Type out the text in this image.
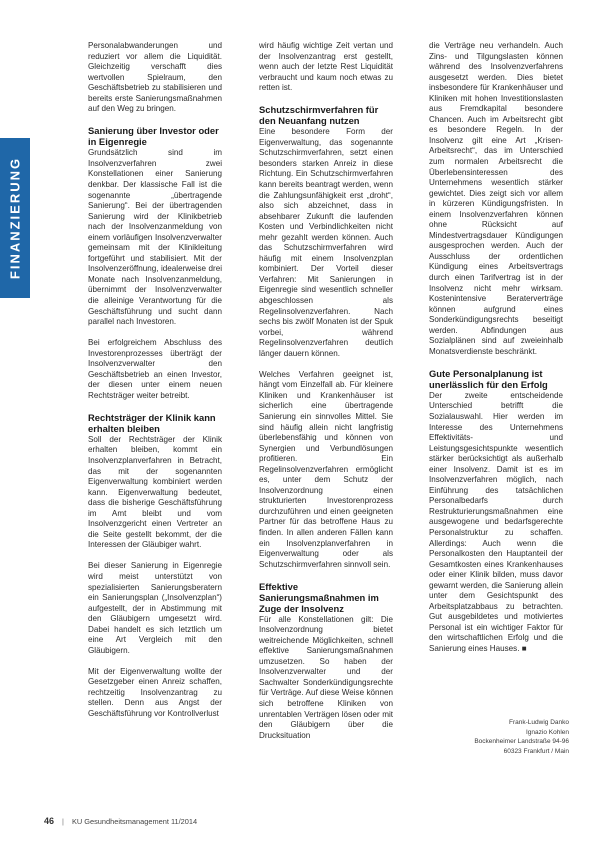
FINANZIERUNG

Personalabwanderungen und reduziert vor allem die Liquidität. Gleichzeitig verschafft dies wertvollen Spielraum, den Geschäftsbetrieb zu stabilisieren und bereits erste Sanierungsmaßnahmen auf den Weg zu bringen.

Sanierung über Investor oder in Eigenregie

Grundsätzlich sind im Insolvenzverfahren zwei Konstellationen einer Sanierung denkbar. Der klassische Fall ist die sogenannte „übertragende Sanierung“. Bei der übertragenden Sanierung wird der Klinikbetrieb nach der Insolvenzanmeldung von einem vorläufigen Insolvenzverwalter gemeinsam mit der Klinikleitung fortgeführt und stabilisiert. Mit der Insolvenzeröffnung, idealerweise drei Monate nach Insolvenzanmeldung, übernimmt der Insolvenzverwalter die alleinige Verantwortung für die Geschäftsführung und sucht dann parallel nach Investoren.

Bei erfolgreichem Abschluss des Investorenprozesses überträgt der Insolvenzverwalter den Geschäftsbetrieb an einen Investor, der diesen unter einem neuen Rechtsträger weiter betreibt.

Rechtsträger der Klinik kann erhalten bleiben

Soll der Rechtsträger der Klinik erhalten bleiben, kommt ein Insolvenzplanverfahren in Betracht, das mit der sogenannten Eigenverwaltung kombiniert werden kann. Eigenverwaltung bedeutet, dass die bisherige Geschäftsführung im Amt bleibt und vom Insolvenzgericht einen Vertreter an die Seite gestellt bekommt, der die Interessen der Gläubiger wahrt.

Bei dieser Sanierung in Eigenregie wird meist unterstützt von spezialisierten Sanierungsberatern ein Sanierungsplan („Insolvenzplan“) aufgestellt, der in Abstimmung mit den Gläubigern umgesetzt wird. Dabei handelt es sich letztlich um eine Art Vergleich mit den Gläubigern.

Mit der Eigenverwaltung wollte der Gesetzgeber einen Anreiz schaffen, rechtzeitig Insolvenzantrag zu stellen. Denn aus Angst der Geschäftsführung vor Kontrollverlust

wird häufig wichtige Zeit vertan und der Insolvenzantrag erst gestellt, wenn auch der letzte Rest Liquidität verbraucht und kaum noch etwas zu retten ist.

Schutzschirmverfahren für den Neuanfang nutzen

Eine besondere Form der Eigenverwaltung, das sogenannte Schutzschirmverfahren, setzt einen besonders starken Anreiz in diese Richtung. Ein Schutzschirmverfahren kann bereits beantragt werden, wenn die Zahlungsunfähigkeit erst „droht“, also sich abzeichnet, dass in absehbarer Zukunft die laufenden Kosten und Verbindlichkeiten nicht mehr gezahlt werden können. Auch das Schutzschirmverfahren wird häufig mit einem Insolvenzplan kombiniert. Der Vorteil dieser Verfahren: Mit Sanierungen in Eigenregie sind wesentlich schneller abgeschlossen als Regelinsolvenzverfahren. Nach sechs bis zwölf Monaten ist der Spuk vorbei, während Regelinsolvenzverfahren deutlich länger dauern können.

Welches Verfahren geeignet ist, hängt vom Einzelfall ab. Für kleinere Kliniken und Krankenhäuser ist sicherlich eine übertragende Sanierung ein sinnvolles Mittel. Sie sind häufig allein nicht langfristig überlebensfähig und können von Synergien und Verbundlösungen profitieren. Ein Regelinsolvenzverfahren ermöglicht es, unter dem Schutz der Insolvenzordnung einen strukturierten Investorenprozess durchzuführen und einen geeigneten Partner für das betroffene Haus zu finden. In allen anderen Fällen kann ein Insolvenzplanverfahren in Eigenverwaltung oder als Schutzschirmverfahren sinnvoll sein.

Effektive Sanierungsmaßnahmen im Zuge der Insolvenz

Für alle Konstellationen gilt: Die Insolvenzordnung bietet weitreichende Möglichkeiten, schnell effektive Sanierungsmaßnahmen umzusetzen. So haben der Insolvenzverwalter und der Sachwalter Sonderkündigungsrechte für Verträge. Auf diese Weise können sich betroffene Kliniken von unrentablen Verträgen lösen oder mit den Gläubigern über die Drucksituation

die Verträge neu verhandeln. Auch Zins- und Tilgungslasten können während des Insolvenzverfahrens ausgesetzt werden. Dies bietet insbesondere für Krankenhäuser und Kliniken mit hohen Investitionslasten aus Fremdkapital besondere Chancen. Auch im Arbeitsrecht gibt es besondere Regeln. In der Insolvenz gilt eine Art „Krisen-Arbeitsrecht“, das im Unterschied zum normalen Arbeitsrecht die Überlebensinteressen des Unternehmens wesentlich stärker gewichtet. Dies zeigt sich vor allem in kürzeren Kündigungsfristen. In einem Insolvenzverfahren können ohne Rücksicht auf Mindestvertragsdauer Kündigungen ausgesprochen werden. Auch der Ausschluss der ordentlichen Kündigung eines Arbeitsvertrags durch einen Tarifvertrag ist in der Insolvenz nicht mehr wirksam. Kostenintensive Beraterverträge können aufgrund eines Sonderkündigungsrechts beseitigt werden. Abfindungen aus Sozialplänen sind auf zweieinhalb Monatsverdienste beschränkt.

Gute Personalplanung ist unerlässlich für den Erfolg

Der zweite entscheidende Unterschied betrifft die Sozialauswahl. Hier werden im Interesse des Unternehmens Effektivitäts- und Leistungsgesichtspunkte wesentlich stärker berücksichtigt als außerhalb einer Insolvenz. Damit ist es im Insolvenzverfahren möglich, nach Einführung des tatsächlichen Personalbedarfs durch Restrukturierungsmaßnahmen eine ausgewogene und bedarfsgerechte Personalstruktur zu schaffen. Allerdings: Auch wenn die Personalkosten den Hauptanteil der Gesamtkosten eines Krankenhauses oder einer Klinik bilden, muss davor gewarnt werden, die Sanierung allein unter dem Gesichtspunkt des Arbeitsplatzabbaus zu betrachten. Gut ausgebildetes und motiviertes Personal ist ein wichtiger Faktor für den wirtschaftlichen Erfolg und die Sanierung eines Hauses. ■

Frank-Ludwig Danko
Ignazio Kohlen
Bockenheimer Landstraße 94-96
60323 Frankfurt / Main
46 | KU Gesundheitsmanagement 11/2014
